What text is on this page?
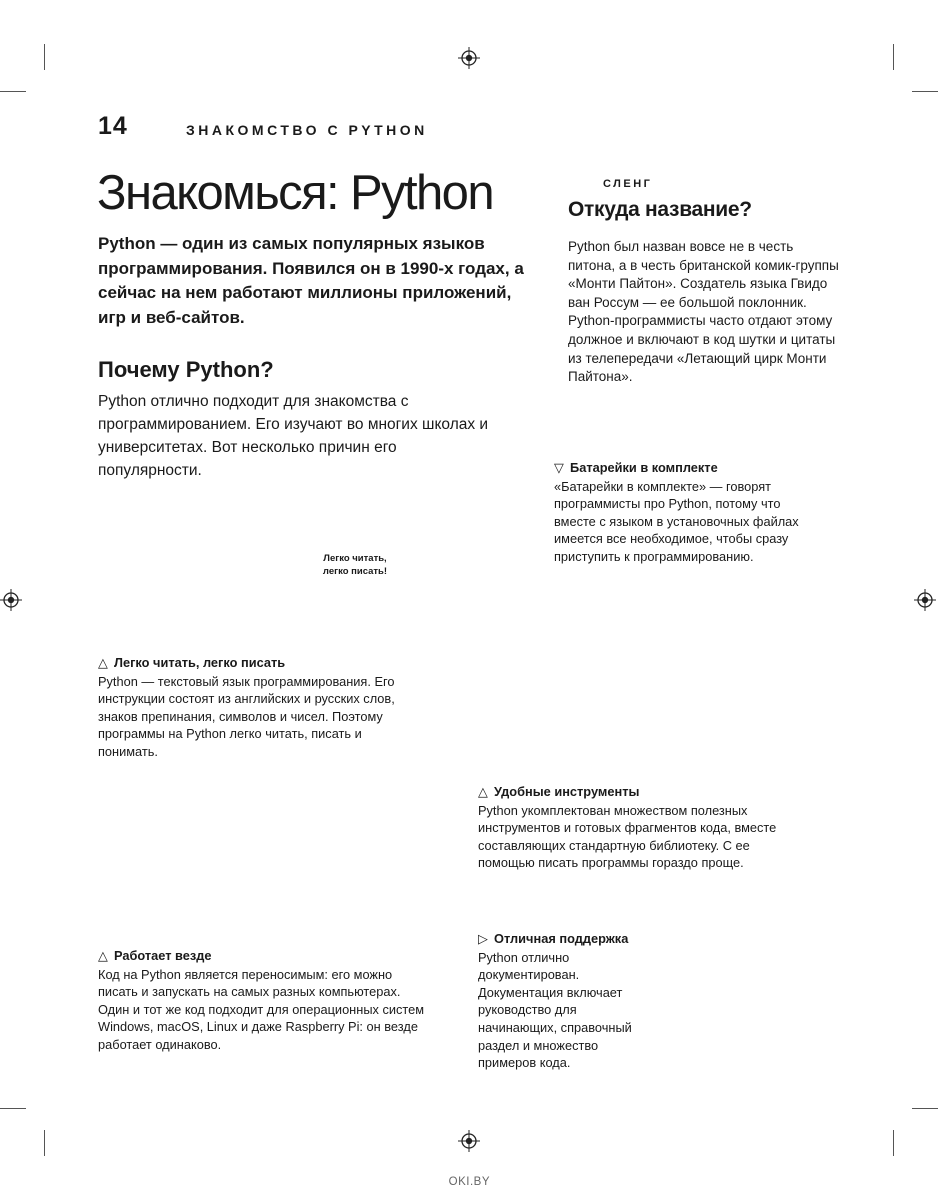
14	ЗНАКОМСТВО С PYTHON
Знакомься: Python

Python — один из самых популярных языков программирования. Появился он в 1990-х годах, а сейчас на нем работают миллионы приложений, игр и веб-сайтов.

Почему Python?

Python отлично подходит для знакомства с программированием. Его изучают во многих школах и университетах. Вот несколько причин его популярности.

СЛЕНГ
Откуда название?

Python был назван вовсе не в честь питона, а в честь британской комик-группы «Монти Пайтон». Создатель языка Гвидо ван Россум — ее большой поклонник. Python-программисты часто отдают этому должное и включают в код шутки и цитаты из телепередачи «Летающий цирк Монти Пайтона».

▽ Батарейки в комплекте
«Батарейки в комплекте» — говорят программисты про Python, потому что вместе с языком в установочных файлах имеется все необходимое, чтобы сразу приступить к программированию.
Легко читать,
легко писать!
△ Легко читать, легко писать
Python — текстовый язык программирования. Его инструкции состоят из английских и русских слов, знаков препинания, символов и чисел. Поэтому программы на Python легко читать, писать и понимать.
△ Удобные инструменты
Python укомплектован множеством полезных инструментов и готовых фрагментов кода, вместе составляющих стандартную библиотеку. С ее помощью писать программы гораздо проще.
▷ Отличная поддержка
Python отлично документирован. Документация включает руководство для начинающих, справочный раздел и множество примеров кода.
△ Работает везде
Код на Python является переносимым: его можно писать и запускать на самых разных компьютерах. Один и тот же код подходит для операционных систем Windows, macOS, Linux и даже Raspberry Pi: он везде работает одинаково.
OKI.BY
